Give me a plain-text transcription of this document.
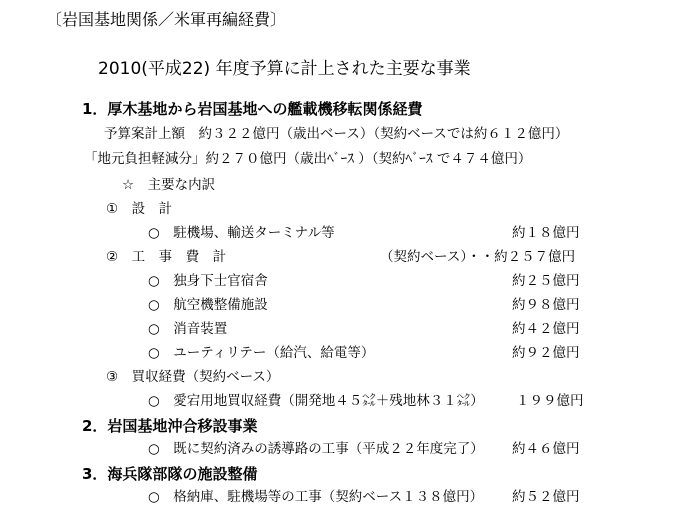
〔岩国基地関係／米軍再編経費〕
2010(平成22) 年度予算に計上された主要な事業
1．厚木基地から岩国基地への艦載機移転関係経費
予算案計上額　約３２２億円（歳出ベース）（契約ベースでは約６１２億円）
「地元負担軽減分」約２７０億円（歳出ﾍﾞｰｽ ）（契約ﾍﾞｰｽ で４７４億円）
☆　主要な内訳
①　設　計
○　駐機場、輸送ターミナル等	約１８億円
②　工　事　費　計	（契約ベース）・・約２５７億円
○　独身下士官宿舎	約２５億円
○　航空機整備施設	約９８億円
○　消音装置	約４２億円
○　ユーティリテー（給汽、給電等）	約９２億円
③　買収経費（契約ベース）
○　愛宕用地買収経費（開発地４５㌶＋残地林３１㌶） １９９億円
2．岩国基地沖合移設事業
○　既に契約済みの誘導路の工事（平成２２年度完了） 約４６億円
3．海兵隊部隊の施設整備
○　格納庫、駐機場等の工事（契約ベース１３８億円） 約５２億円
